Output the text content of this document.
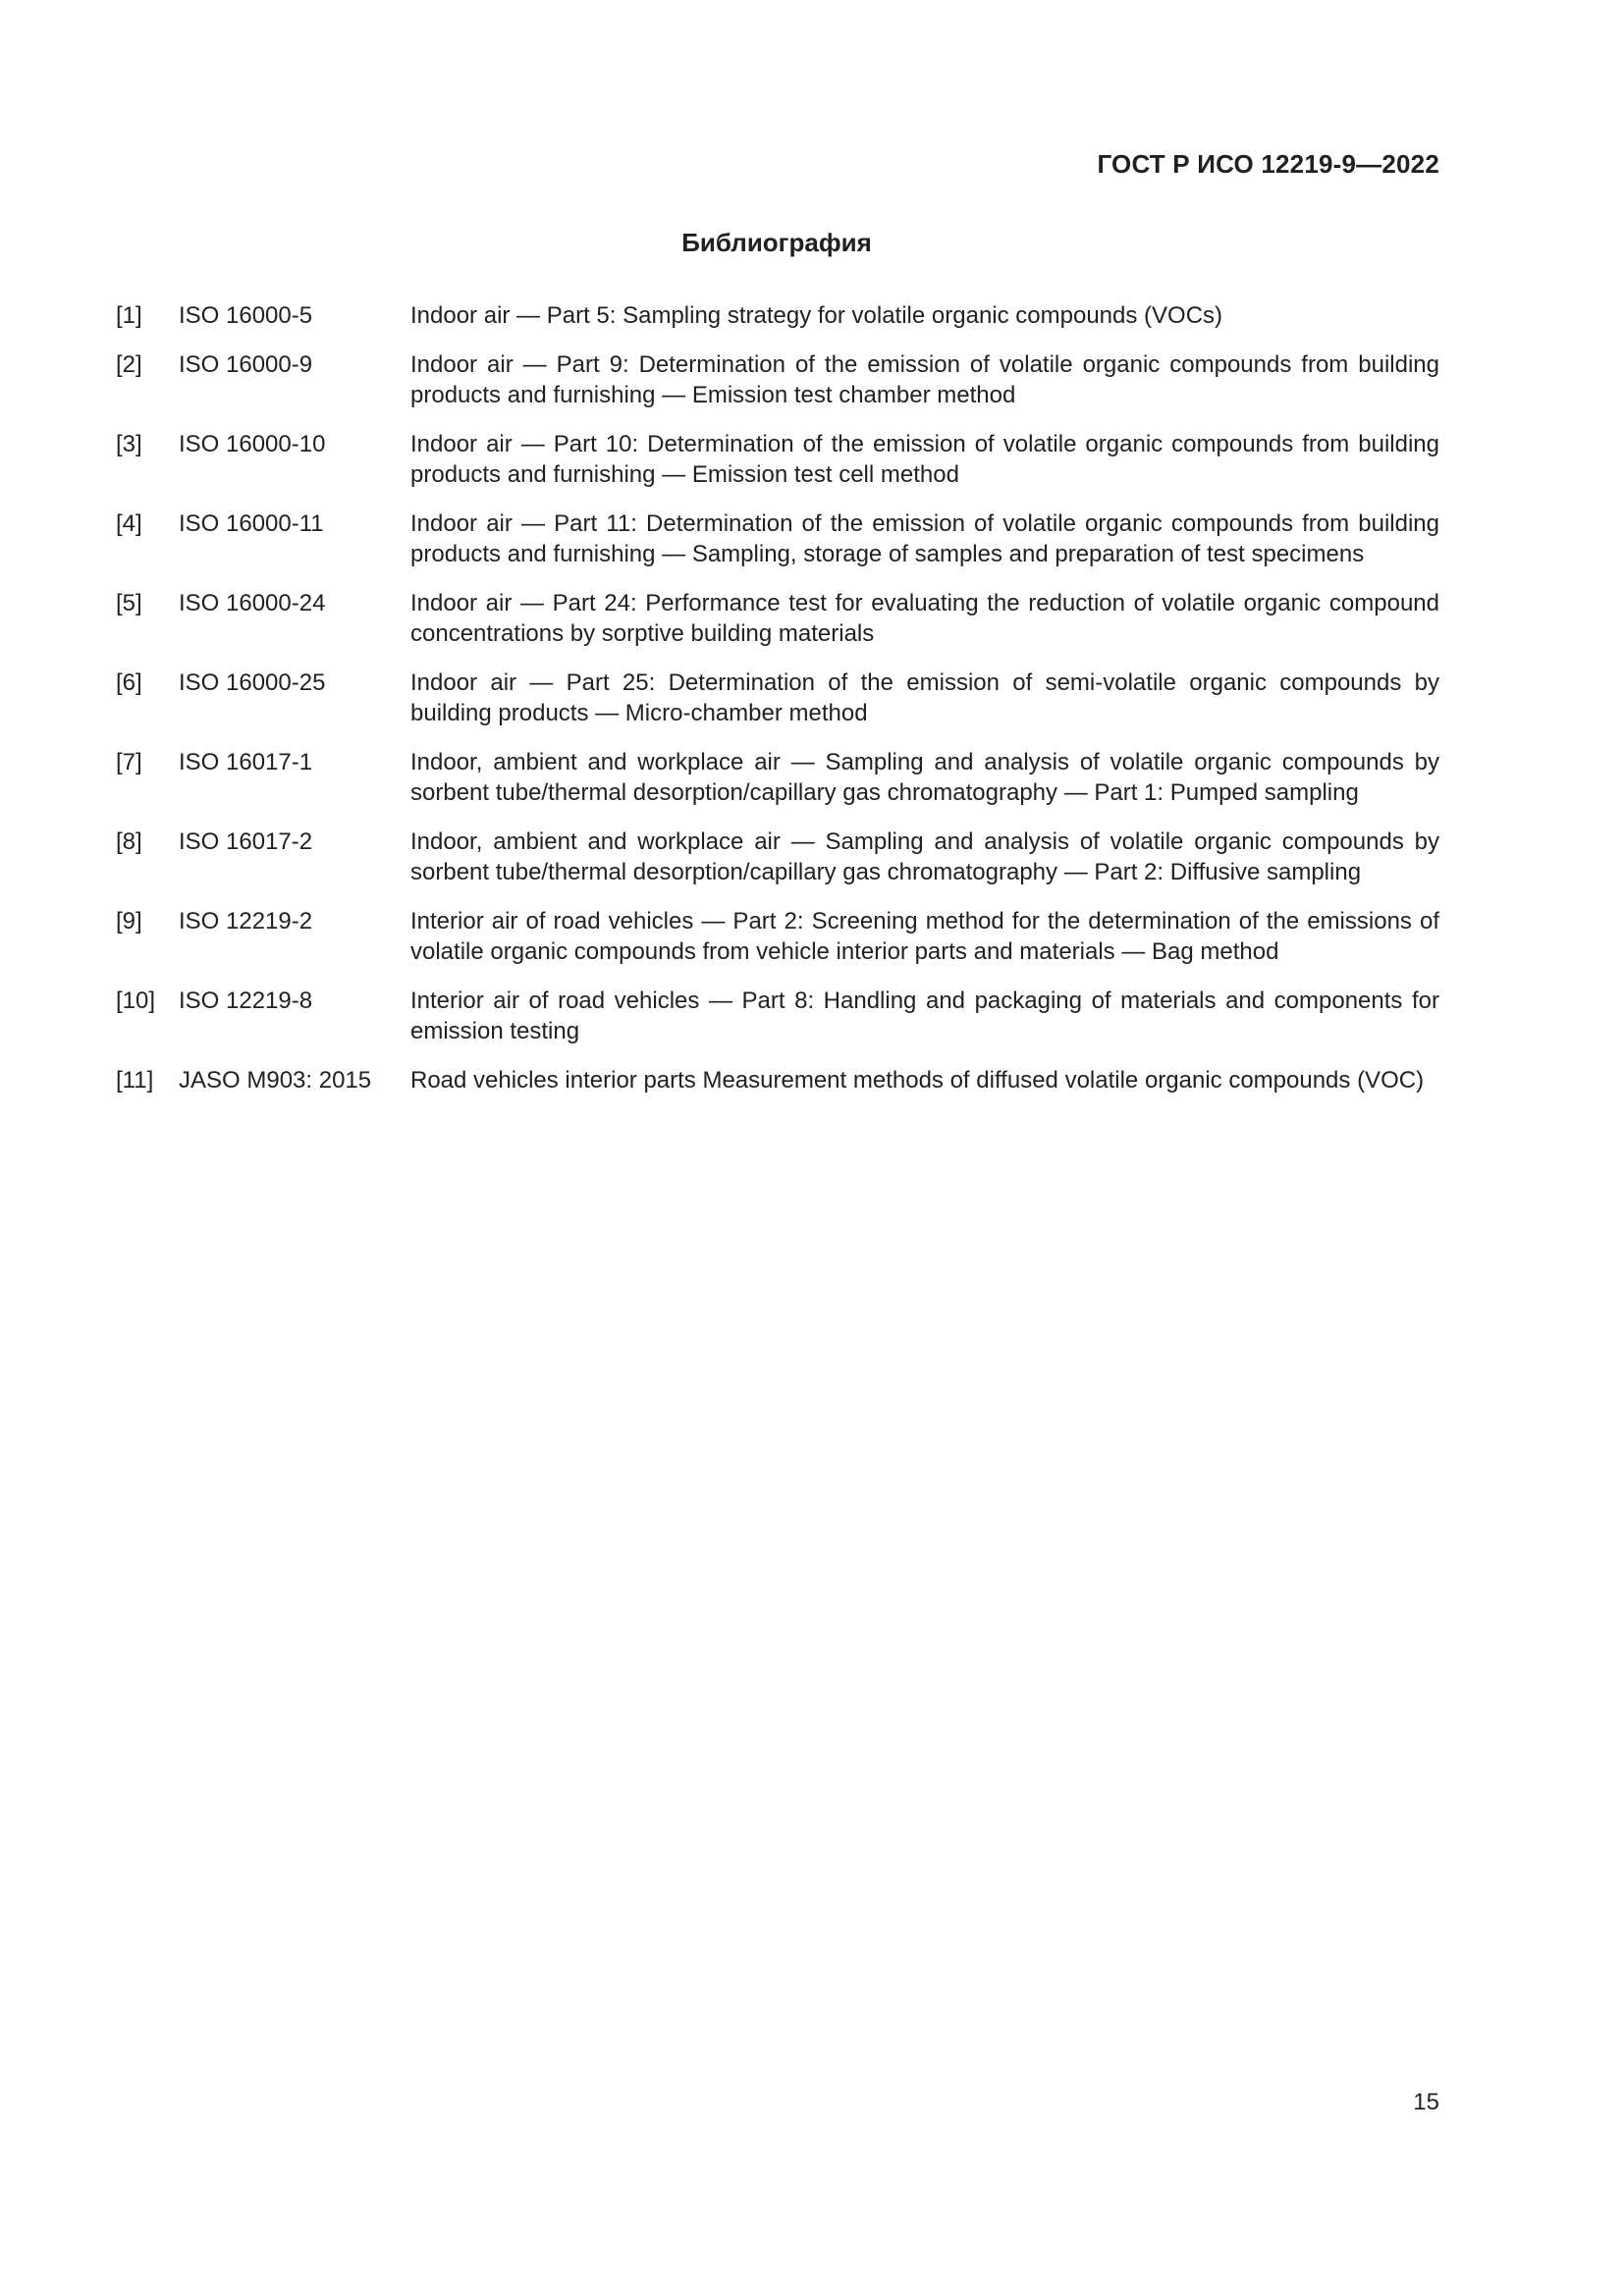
ГОСТ Р ИСО 12219-9—2022
Библиография
[1]	ISO 16000-5	Indoor air — Part 5: Sampling strategy for volatile organic compounds (VOCs)
[2]	ISO 16000-9	Indoor air — Part 9: Determination of the emission of volatile organic compounds from building products and furnishing — Emission test chamber method
[3]	ISO 16000-10	Indoor air — Part 10: Determination of the emission of volatile organic compounds from building products and furnishing — Emission test cell method
[4]	ISO 16000-11	Indoor air — Part 11: Determination of the emission of volatile organic compounds from building products and furnishing — Sampling, storage of samples and preparation of test specimens
[5]	ISO 16000-24	Indoor air — Part 24: Performance test for evaluating the reduction of volatile organic compound concentrations by sorptive building materials
[6]	ISO 16000-25	Indoor air — Part 25: Determination of the emission of semi-volatile organic compounds by building products — Micro-chamber method
[7]	ISO 16017-1	Indoor, ambient and workplace air — Sampling and analysis of volatile organic compounds by sorbent tube/thermal desorption/capillary gas chromatography — Part 1: Pumped sampling
[8]	ISO 16017-2	Indoor, ambient and workplace air — Sampling and analysis of volatile organic compounds by sorbent tube/thermal desorption/capillary gas chromatography — Part 2: Diffusive sampling
[9]	ISO 12219-2	Interior air of road vehicles — Part 2: Screening method for the determination of the emissions of volatile organic compounds from vehicle interior parts and materials — Bag method
[10] ISO 12219-8	Interior air of road vehicles — Part 8: Handling and packaging of materials and components for emission testing
[11]	JASO M903: 2015	Road vehicles interior parts Measurement methods of diffused volatile organic compounds (VOC)
15
